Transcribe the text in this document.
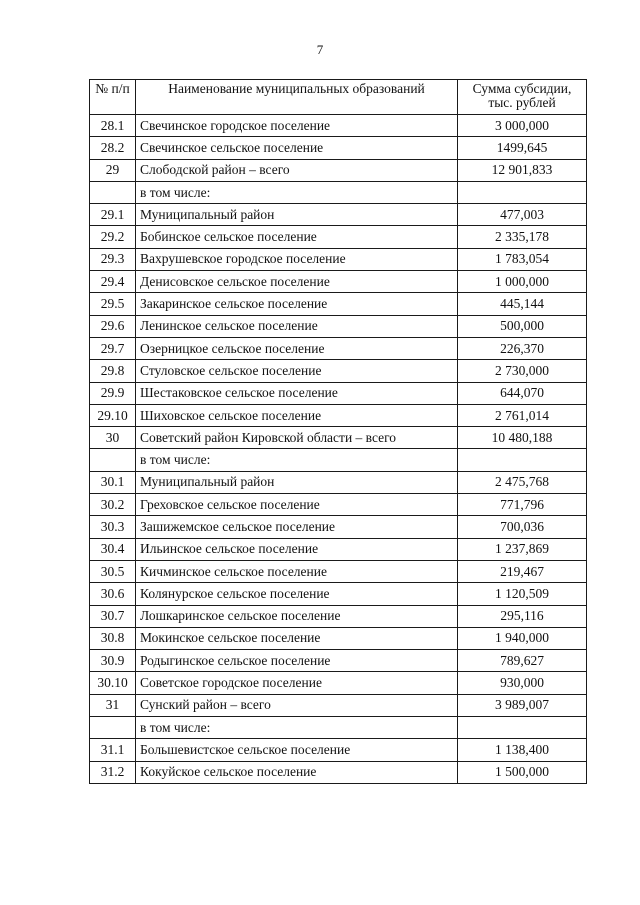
7
№ п/п	Наименование муниципальных образований	Сумма субсидии, тыс. рублей
28.1	Свечинское городское поселение	3 000,000
28.2	Свечинское сельское поселение	1499,645
29	Слободской район – всего	12 901,833
	в том числе:	
29.1	Муниципальный район	477,003
29.2	Бобинское сельское поселение	2 335,178
29.3	Вахрушевское городское поселение	1 783,054
29.4	Денисовское сельское поселение	1 000,000
29.5	Закаринское сельское поселение	445,144
29.6	Ленинское сельское поселение	500,000
29.7	Озерницкое сельское поселение	226,370
29.8	Стуловское сельское поселение	2 730,000
29.9	Шестаковское сельское поселение	644,070
29.10	Шиховское сельское поселение	2 761,014
30	Советский район Кировской области – всего	10 480,188
	в том числе:	
30.1	Муниципальный район	2 475,768
30.2	Греховское сельское поселение	771,796
30.3	Зашижемское сельское поселение	700,036
30.4	Ильинское сельское поселение	1 237,869
30.5	Кичминское сельское поселение	219,467
30.6	Колянурское сельское поселение	1 120,509
30.7	Лошкаринское сельское поселение	295,116
30.8	Мокинское сельское поселение	1 940,000
30.9	Родыгинское сельское поселение	789,627
30.10	Советское городское поселение	930,000
31	Сунский район – всего	3 989,007
	в том числе:	
31.1	Большевистское сельское поселение	1 138,400
31.2	Кокуйское сельское поселение	1 500,000
